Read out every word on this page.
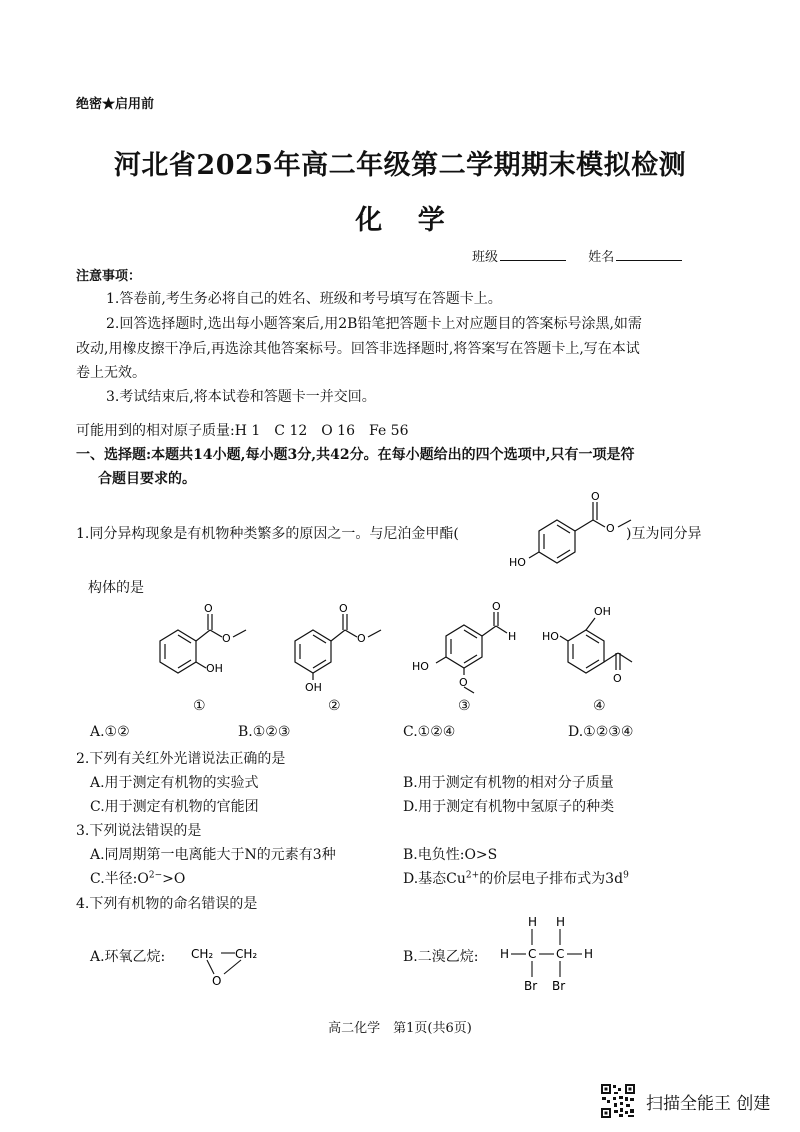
绝密★启用前
河北省2025年高二年级第二学期期末模拟检测
化 学
班级	姓名
注意事项：
1.答卷前,考生务必将自己的姓名、班级和考号填写在答题卡上。
2.回答选择题时,选出每小题答案后,用2B铅笔把答题卡上对应题目的答案标号涂黑,如需
改动,用橡皮擦干净后,再选涂其他答案标号。回答非选择题时,将答案写在答题卡上,写在本试
卷上无效。
3.考试结束后,将本试卷和答题卡一并交回。
可能用到的相对原子质量:H 1　C 12　O 16　Fe 56
一、选择题:本题共14小题,每小题3分,共42分。在每小题给出的四个选项中,只有一项是符
合题目要求的。
1.同分异构现象是有机物种类繁多的原因之一。与尼泊金甲酯(
O
O
HO
)互为同分异
构体的是
O
O
OH
O
O
OH
O
H
HO
O
OH
HO
O
①	②	③	④
A.①②	B.①②③	C.①②④	D.①②③④
2.下列有关红外光谱说法正确的是
A.用于测定有机物的实验式	B.用于测定有机物的相对分子质量
C.用于测定有机物的官能团	D.用于测定有机物中氢原子的种类
3.下列说法错误的是
A.同周期第一电离能大于N的元素有3种	B.电负性:O>S
C.半径$:O^{2-}>O$	D.基态$Cu^{2+}$的价层电子排布式为$3d^9$
4.下列有机物的命名错误的是
A.环氧乙烷: CH₂ CH₂
O
B.二溴乙烷:
H H
H C C H
Br Br
高二化学　第1页(共6页)
扫描全能王 创建
